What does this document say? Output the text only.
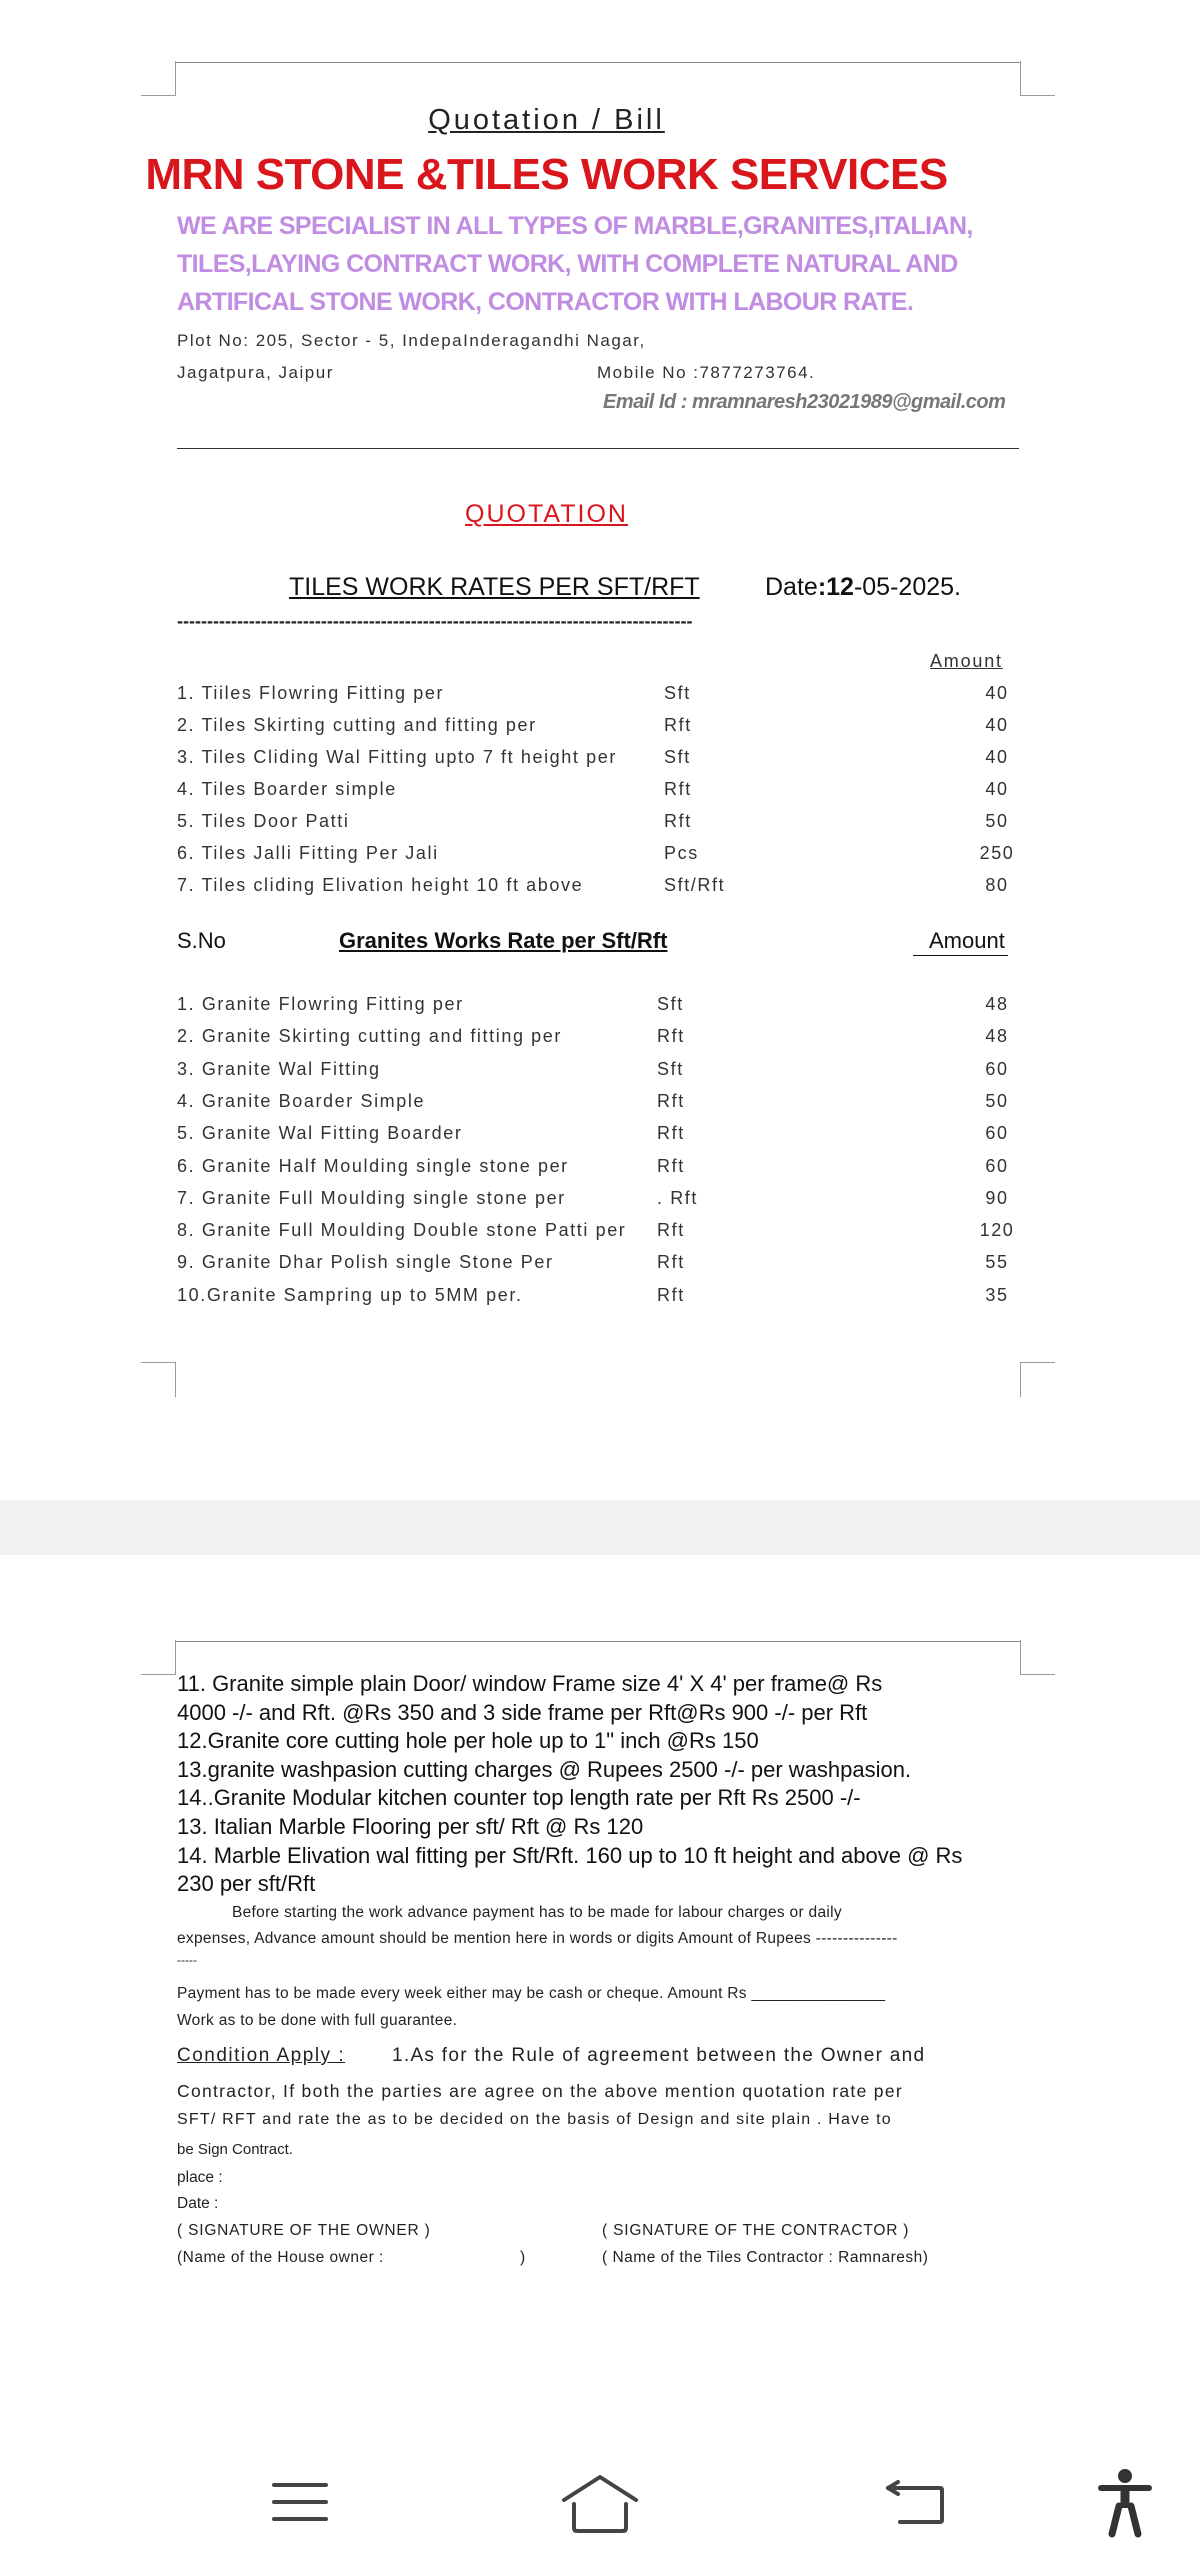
Quotation / Bill
MRN STONE &TILES WORK SERVICES
WE ARE SPECIALIST IN ALL TYPES OF MARBLE,GRANITES,ITALIAN,
TILES,LAYING CONTRACT WORK, WITH COMPLETE NATURAL AND
ARTIFICAL STONE WORK, CONTRACTOR WITH LABOUR RATE.
Plot No: 205, Sector - 5, IndeраInderagandhi Nagar,
Jagatpura, Jaipur	Mobile No :7877273764.
Email Id : mramnaresh23021989@gmail.com
QUOTATION
TILES WORK RATES PER SFT/RFT	Date:12-05-2025.
--------------------------------------------------------------------------------------
Amount
1. Tiiles Flowring Fitting per	Sft	40
2. Tiles Skirting cutting and fitting per	Rft	40
3. Tiles Cliding Wal Fitting upto 7 ft height per	Sft	40
4. Tiles Boarder simple	Rft	40
5. Tiles Door Patti	Rft	50
6. Tiles Jalli Fitting Per Jali	Pcs	250
7. Tiles cliding Elivation height 10 ft above	Sft/Rft	80
S.No	Granites Works Rate per Sft/Rft	Amount
1. Granite Flowring Fitting per	Sft	48
2. Granite Skirting cutting and fitting per	Rft	48
3. Granite Wal Fitting	Sft	60
4. Granite Boarder Simple	Rft	50
5. Granite Wal Fitting Boarder	Rft	60
6. Granite Half Moulding single stone per	Rft	60
7. Granite Full Moulding single stone per	. Rft	90
8. Granite Full Moulding Double stone Patti per Rft	120
9. Granite Dhar Polish single Stone Per	Rft	55
10.Granite Sampring up to 5MM per.	Rft	35
11. Granite simple plain Door/ window Frame size 4' X 4' per frame@ Rs
4000 -/- and Rft. @Rs 350 and 3 side frame per Rft@Rs 900 -/- per Rft
12.Granite core cutting hole per hole up to 1" inch @Rs 150
13.granite washpasion cutting charges @ Rupees 2500 -/- per washpasion.
14..Granite Modular kitchen counter top length rate per Rft Rs 2500 -/-
13. Italian Marble Flooring per sft/ Rft @ Rs 120
14. Marble Elivation wal fitting per Sft/Rft. 160 up to 10 ft height and above @ Rs
230 per sft/Rft
Before starting the work advance payment has to be made for labour charges or daily
expenses, Advance amount should be mention here in words or digits Amount of Rupees ---------------
-----
Payment has to be made every week either may be cash or cheque. Amount Rs _______________
Work as to be done with full guarantee.
Condition Apply : 1.As for the Rule of agreement between the Owner and
Contractor, If both the parties are agree on the above mention quotation rate per
SFT/ RFT and rate the as to be decided on the basis of Design and site plain . Have to
be Sign Contract.
place :
Date :
( SIGNATURE OF THE OWNER )	( SIGNATURE OF THE CONTRACTOR )
(Name of the House owner :	)	( Name of the Tiles Contractor : Ramnaresh)
